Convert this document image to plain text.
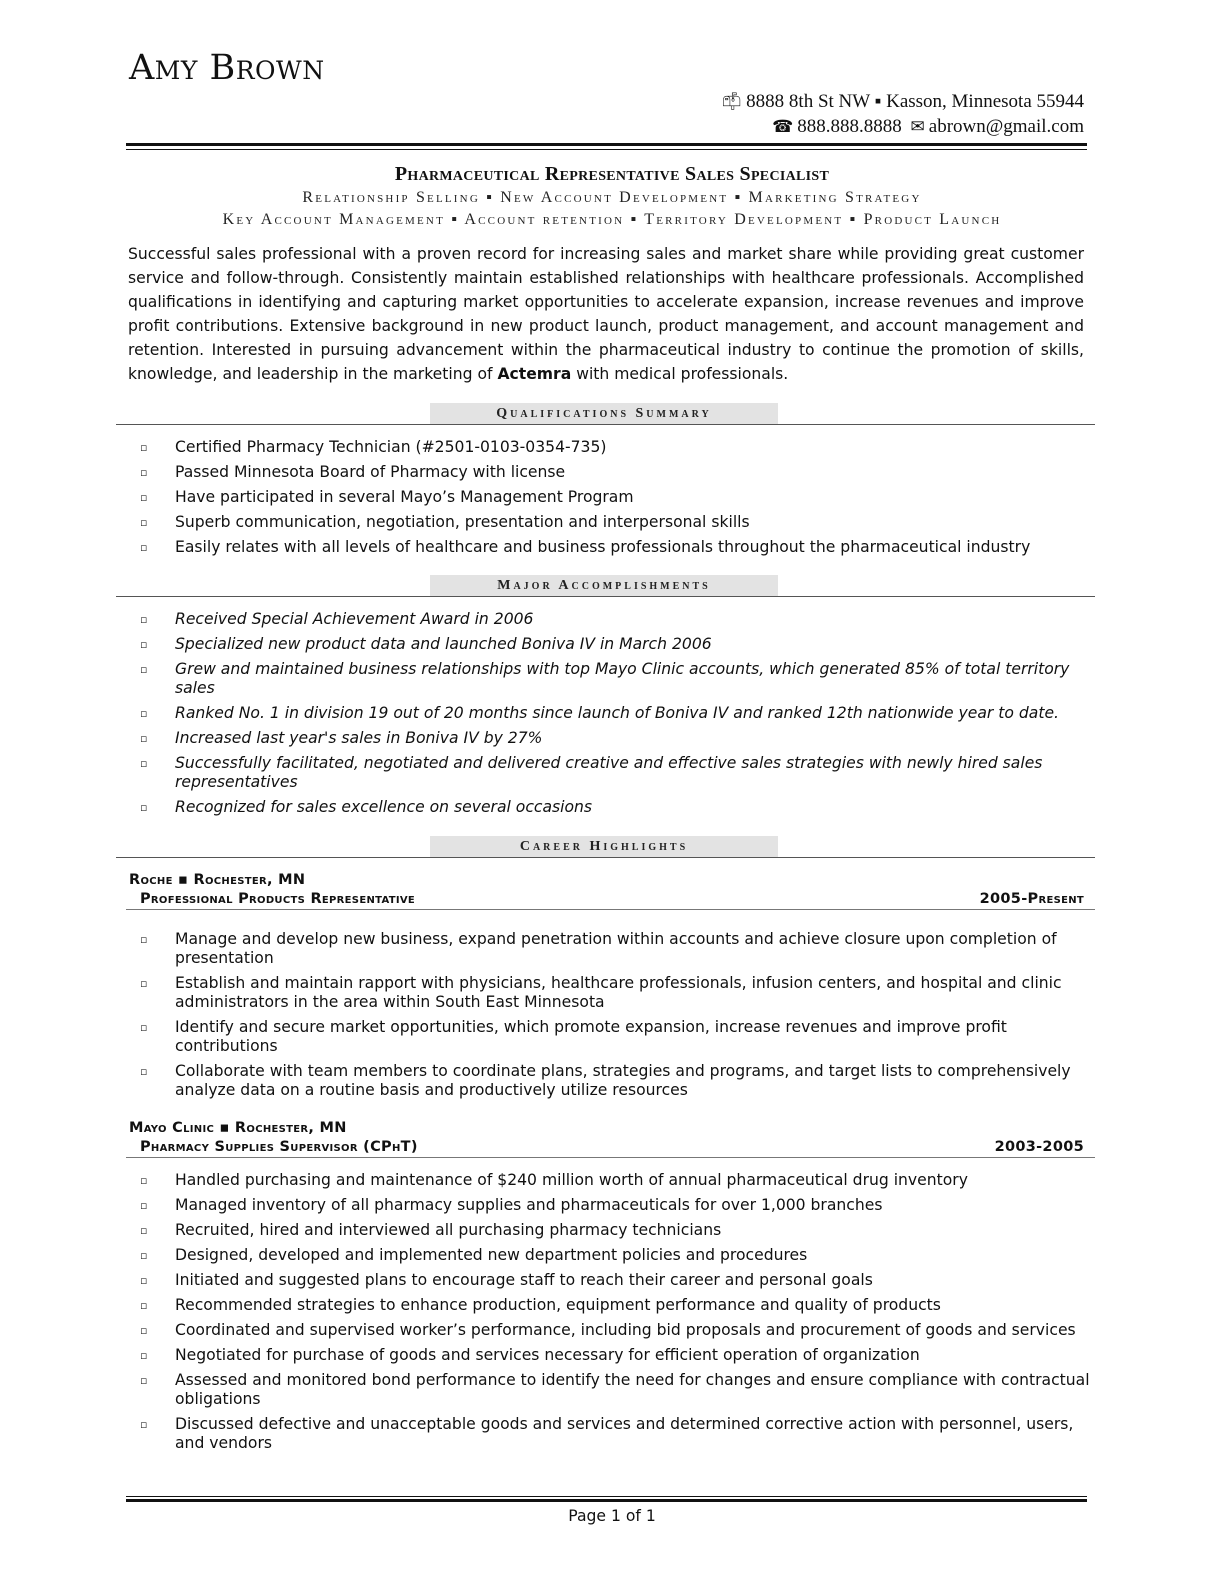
Amy Brown
📫︎ 8888 8th St NW ▪ Kasson, Minnesota 55944
☎ 888.888.8888 ✉︎ abrown@gmail.com
Pharmaceutical Representative Sales Specialist
Relationship Selling ▪ New Account Development ▪ Marketing Strategy
Key Account Management ▪ Account retention ▪ Territory Development ▪ Product Launch

Successful sales professional with a proven record for increasing sales and market share while providing great customer service and follow-through. Consistently maintain established relationships with healthcare professionals. Accomplished qualifications in identifying and capturing market opportunities to accelerate expansion, increase revenues and improve profit contributions. Extensive background in new product launch, product management, and account management and retention. Interested in pursuing advancement within the pharmaceutical industry to continue the promotion of skills, knowledge, and leadership in the marketing of Actemra with medical professionals.

Qualifications Summary
▫ Certified Pharmacy Technician (#2501-0103-0354-735)
▫ Passed Minnesota Board of Pharmacy with license
▫ Have participated in several Mayo’s Management Program
▫ Superb communication, negotiation, presentation and interpersonal skills
▫ Easily relates with all levels of healthcare and business professionals throughout the pharmaceutical industry
Major Accomplishments
▫ Received Special Achievement Award in 2006
▫ Specialized new product data and launched Boniva IV in March 2006
▫ Grew and maintained business relationships with top Mayo Clinic accounts, which generated 85% of total territory sales
▫ Ranked No. 1 in division 19 out of 20 months since launch of Boniva IV and ranked 12th nationwide year to date.
▫ Increased last year's sales in Boniva IV by 27%
▫ Successfully facilitated, negotiated and delivered creative and effective sales strategies with newly hired sales representatives
▫ Recognized for sales excellence on several occasions
Career Highlights
Roche ▪ Rochester, MN
Professional Products Representative	2005-Present
▫ Manage and develop new business, expand penetration within accounts and achieve closure upon completion of presentation
▫ Establish and maintain rapport with physicians, healthcare professionals, infusion centers, and hospital and clinic administrators in the area within South East Minnesota
▫ Identify and secure market opportunities, which promote expansion, increase revenues and improve profit contributions
▫ Collaborate with team members to coordinate plans, strategies and programs, and target lists to comprehensively analyze data on a routine basis and productively utilize resources
Mayo Clinic ▪ Rochester, MN
Pharmacy Supplies Supervisor (CPhT)	2003-2005
▫ Handled purchasing and maintenance of $240 million worth of annual pharmaceutical drug inventory
▫ Managed inventory of all pharmacy supplies and pharmaceuticals for over 1,000 branches
▫ Recruited, hired and interviewed all purchasing pharmacy technicians
▫ Designed, developed and implemented new department policies and procedures
▫ Initiated and suggested plans to encourage staff to reach their career and personal goals
▫ Recommended strategies to enhance production, equipment performance and quality of products
▫ Coordinated and supervised worker’s performance, including bid proposals and procurement of goods and services
▫ Negotiated for purchase of goods and services necessary for efficient operation of organization
▫ Assessed and monitored bond performance to identify the need for changes and ensure compliance with contractual obligations
▫ Discussed defective and unacceptable goods and services and determined corrective action with personnel, users, and vendors
Page 1 of 1
